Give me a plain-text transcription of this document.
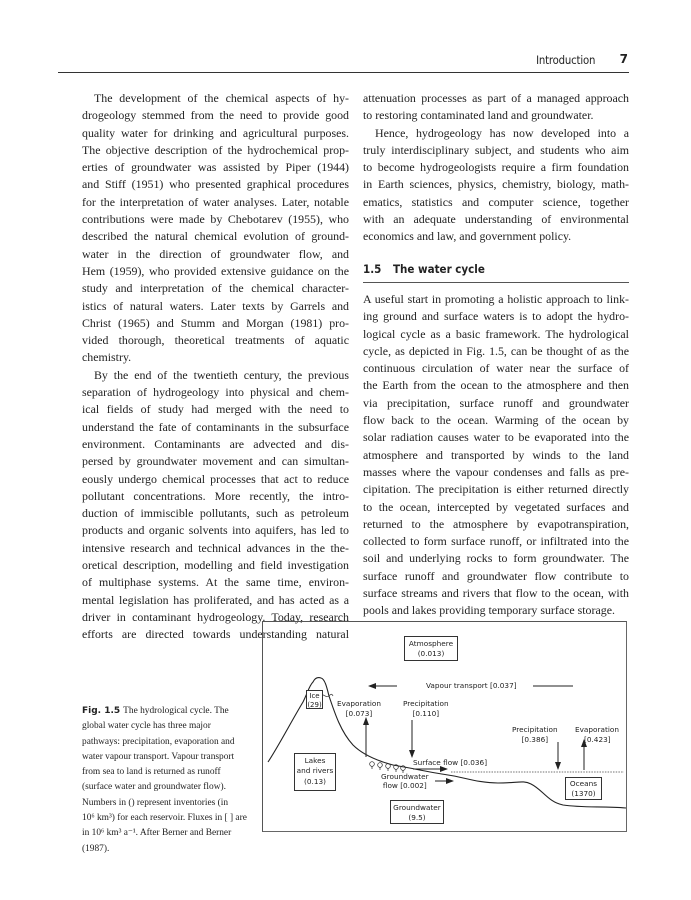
Introduction 7
The development of the chemical aspects of hy-
drogeology stemmed from the need to provide good
quality water for drinking and agricultural purposes.
The objective description of the hydrochemical prop-
erties of groundwater was assisted by Piper (1944)
and Stiff (1951) who presented graphical procedures
for the interpretation of water analyses. Later, notable
contributions were made by Chebotarev (1955), who
described the natural chemical evolution of ground-
water in the direction of groundwater flow, and
Hem (1959), who provided extensive guidance on the
study and interpretation of the chemical character-
istics of natural waters. Later texts by Garrels and
Christ (1965) and Stumm and Morgan (1981) pro-
vided thorough, theoretical treatments of aquatic
chemistry.
By the end of the twentieth century, the previous
separation of hydrogeology into physical and chem-
ical fields of study had merged with the need to
understand the fate of contaminants in the subsurface
environment. Contaminants are advected and dis-
persed by groundwater movement and can simultan-
eously undergo chemical processes that act to reduce
pollutant concentrations. More recently, the intro-
duction of immiscible pollutants, such as petroleum
products and organic solvents into aquifers, has led to
intensive research and technical advances in the the-
oretical description, modelling and field investigation
of multiphase systems. At the same time, environ-
mental legislation has proliferated, and has acted as a
driver in contaminant hydrogeology. Today, research
efforts are directed towards understanding natural
attenuation processes as part of a managed approach
to restoring contaminated land and groundwater.
Hence, hydrogeology has now developed into a
truly interdisciplinary subject, and students who aim
to become hydrogeologists require a firm foundation
in Earth sciences, physics, chemistry, biology, math-
ematics, statistics and computer science, together
with an adequate understanding of environmental
economics and law, and government policy.
1.5 The water cycle
A useful start in promoting a holistic approach to link-
ing ground and surface waters is to adopt the hydro-
logical cycle as a basic framework. The hydrological
cycle, as depicted in Fig. 1.5, can be thought of as the
continuous circulation of water near the surface of
the Earth from the ocean to the atmosphere and then
via precipitation, surface runoff and groundwater
flow back to the ocean. Warming of the ocean by
solar radiation causes water to be evaporated into the
atmosphere and transported by winds to the land
masses where the vapour condenses and falls as pre-
cipitation. The precipitation is either returned directly
to the ocean, intercepted by vegetated surfaces and
returned to the atmosphere by evapotranspiration,
collected to form surface runoff, or infiltrated into the
soil and underlying rocks to form groundwater. The
surface runoff and groundwater flow contribute to
surface streams and rivers that flow to the ocean, with
pools and lakes providing temporary surface storage.
Fig. 1.5 The hydrological cycle. The
global water cycle has three major
pathways: precipitation, evaporation and
water vapour transport. Vapour transport
from sea to land is returned as runoff
(surface water and groundwater flow).
Numbers in () represent inventories (in
10⁶ km³) for each reservoir. Fluxes in [ ] are
in 10⁶ km³ a⁻¹. After Berner and Berner
(1987).
Atmosphere
(0.013)
Vapour transport [0.037]
Ice
(29) Evaporation
[0.073]
Precipitation
[0.110]
Precipitation
[0.386]
Evaporation
[0.423]
Surface flow [0.036]
Groundwater
flow [0.002]
Lakes
and rivers
(0.13)	Oceans
(1370)
Groundwater
(9.5)
